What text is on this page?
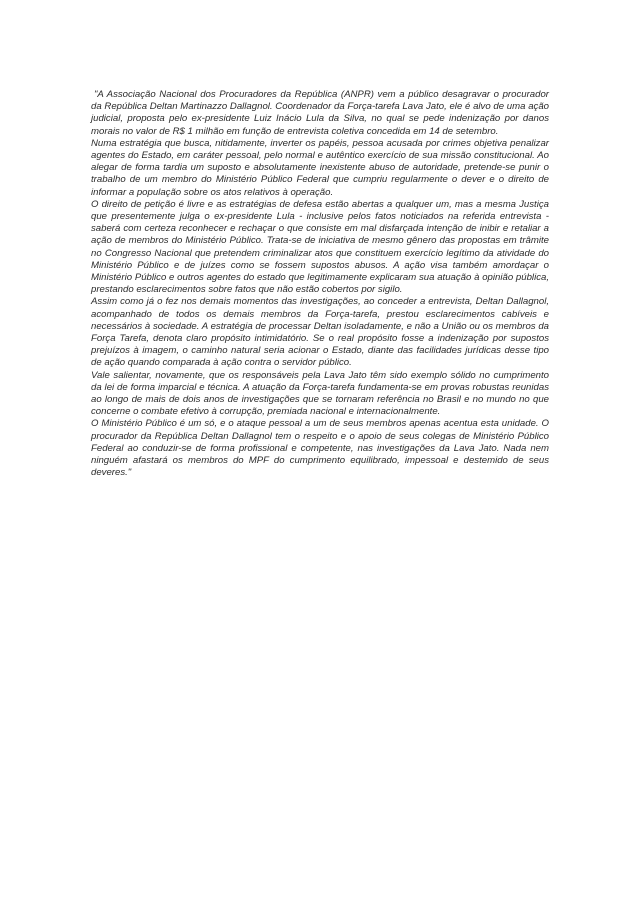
"A Associação Nacional dos Procuradores da República (ANPR) vem a público desagravar o procurador da República Deltan Martinazzo Dallagnol. Coordenador da Força-tarefa Lava Jato, ele é alvo de uma ação judicial, proposta pelo ex-presidente Luiz Inácio Lula da Silva, no qual se pede indenização por danos morais no valor de R$ 1 milhão em função de entrevista coletiva concedida em 14 de setembro.

Numa estratégia que busca, nitidamente, inverter os papéis, pessoa acusada por crimes objetiva penalizar agentes do Estado, em caráter pessoal, pelo normal e autêntico exercício de sua missão constitucional. Ao alegar de forma tardia um suposto e absolutamente inexistente abuso de autoridade, pretende-se punir o trabalho de um membro do Ministério Público Federal que cumpriu regularmente o dever e o direito de informar a população sobre os atos relativos à operação.

O direito de petição é livre e as estratégias de defesa estão abertas a qualquer um, mas a mesma Justiça que presentemente julga o ex-presidente Lula - inclusive pelos fatos noticiados na referida entrevista - saberá com certeza reconhecer e rechaçar o que consiste em mal disfarçada intenção de inibir e retaliar a ação de membros do Ministério Público. Trata-se de iniciativa de mesmo gênero das propostas em trâmite no Congresso Nacional que pretendem criminalizar atos que constituem exercício legítimo da atividade do Ministério Público e de juízes como se fossem supostos abusos. A ação visa também amordaçar o Ministério Público e outros agentes do estado que legitimamente explicaram sua atuação à opinião pública, prestando esclarecimentos sobre fatos que não estão cobertos por sigilo.

Assim como já o fez nos demais momentos das investigações, ao conceder a entrevista, Deltan Dallagnol, acompanhado de todos os demais membros da Força-tarefa, prestou esclarecimentos cabíveis e necessários à sociedade. A estratégia de processar Deltan isoladamente, e não a União ou os membros da Força Tarefa, denota claro propósito intimidatório. Se o real propósito fosse a indenização por supostos prejuízos à imagem, o caminho natural seria acionar o Estado, diante das facilidades jurídicas desse tipo de ação quando comparada à ação contra o servidor público.

Vale salientar, novamente, que os responsáveis pela Lava Jato têm sido exemplo sólido no cumprimento da lei de forma imparcial e técnica. A atuação da Força-tarefa fundamenta-se em provas robustas reunidas ao longo de mais de dois anos de investigações que se tornaram referência no Brasil e no mundo no que concerne o combate efetivo à corrupção, premiada nacional e internacionalmente.

O Ministério Público é um só, e o ataque pessoal a um de seus membros apenas acentua esta unidade. O procurador da República Deltan Dallagnol tem o respeito e o apoio de seus colegas de Ministério Público Federal ao conduzir-se de forma profissional e competente, nas investigações da Lava Jato. Nada nem ninguém afastará os membros do MPF do cumprimento equilibrado, impessoal e destemido de seus deveres."
